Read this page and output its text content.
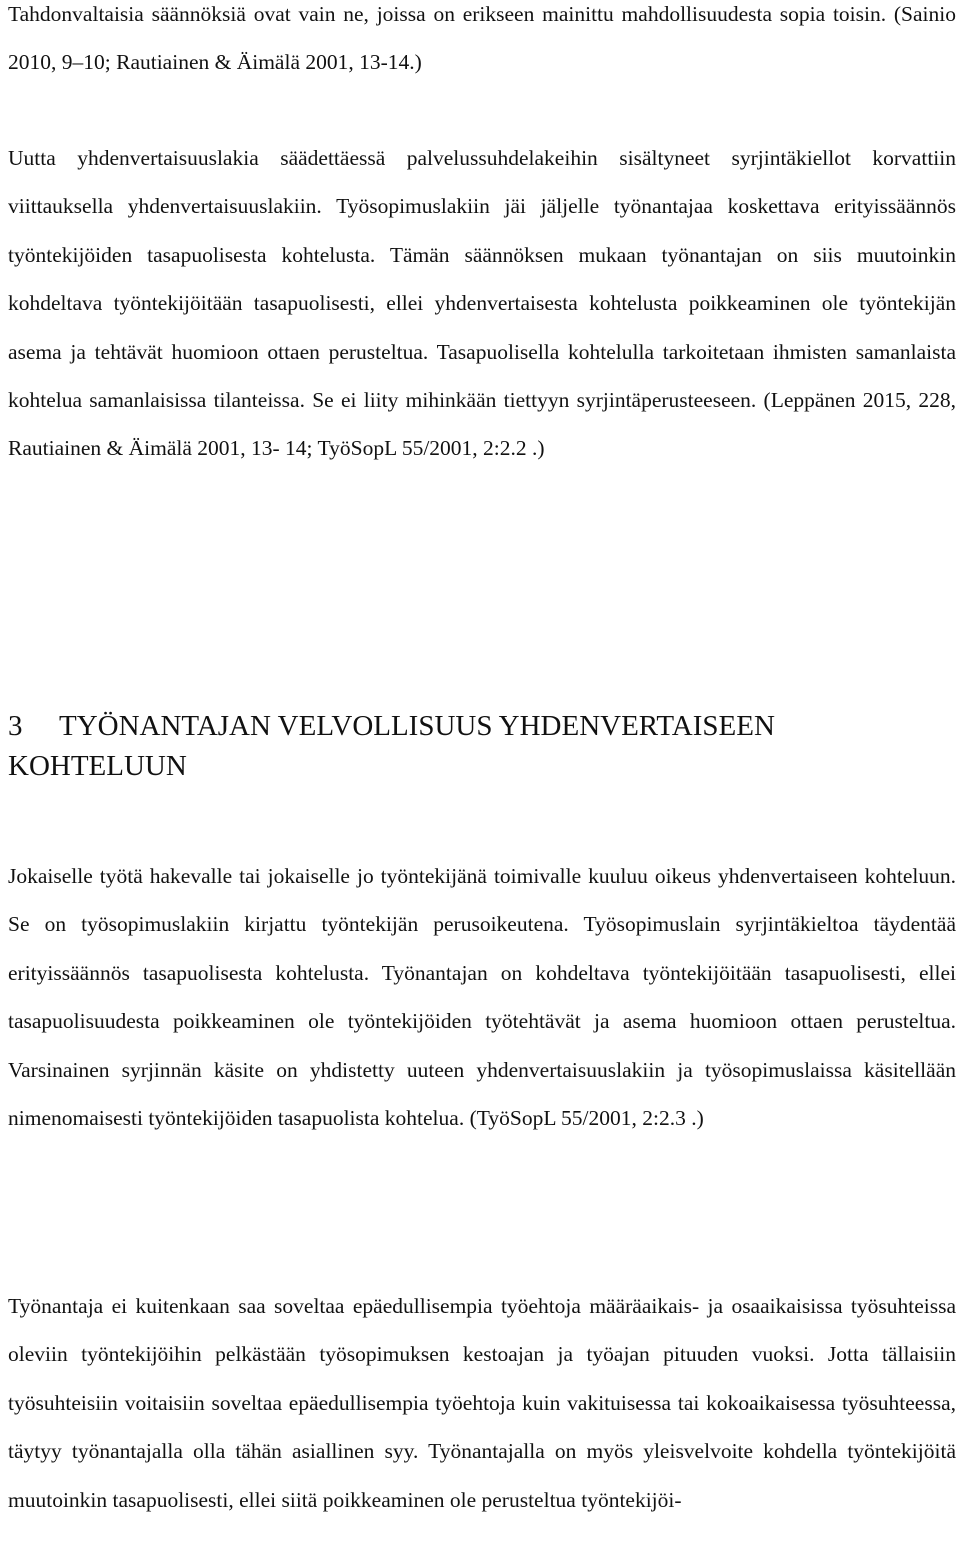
Tahdonvaltaisia säännöksiä ovat vain ne, joissa on erikseen mainittu mahdollisuudesta sopia toisin. (Sainio 2010, 9–10; Rautiainen & Äimälä 2001, 13-14.)

Uutta yhdenvertaisuuslakia säädettäessä palvelussuhdelakeihin sisältyneet syrjintäkiellot korvattiin viittauksella yhdenvertaisuuslakiin. Työsopimuslakiin jäi jäljelle työnantajaa koskettava erityissäännös työntekijöiden tasapuolisesta kohtelusta. Tämän säännöksen mukaan työnantajan on siis muutoinkin kohdeltava työntekijöitään tasapuolisesti, ellei yhdenvertaisesta kohtelusta poikkeaminen ole työntekijän asema ja tehtävät huomioon ottaen perusteltua. Tasapuolisella kohtelulla tarkoitetaan ihmisten samanlaista kohtelua samanlaisissa tilanteissa. Se ei liity mihinkään tiettyyn syrjintäperusteeseen. (Leppänen 2015, 228, Rautiainen & Äimälä 2001, 13- 14; TyöSopL 55/2001, 2:2.2 .)

3 TYÖNANTAJAN VELVOLLISUUS YHDENVERTAISEEN KOHTELUUN

Jokaiselle työtä hakevalle tai jokaiselle jo työntekijänä toimivalle kuuluu oikeus yhdenvertaiseen kohteluun. Se on työsopimuslakiin kirjattu työntekijän perusoikeutena. Työsopimuslain syrjintäkieltoa täydentää erityissäännös tasapuolisesta kohtelusta. Työnantajan on kohdeltava työntekijöitään tasapuolisesti, ellei tasapuolisuudesta poikkeaminen ole työntekijöiden työtehtävät ja asema huomioon ottaen perusteltua. Varsinainen syrjinnän käsite on yhdistetty uuteen yhdenvertaisuuslakiin ja työsopimuslaissa käsitellään nimenomaisesti työntekijöiden tasapuolista kohtelua. (TyöSopL 55/2001, 2:2.3 .)

Työnantaja ei kuitenkaan saa soveltaa epäedullisempia työehtoja määräaikais- ja osaaikaisissa työsuhteissa oleviin työntekijöihin pelkästään työsopimuksen kestoajan ja työajan pituuden vuoksi. Jotta tällaisiin työsuhteisiin voitaisiin soveltaa epäedullisempia työehtoja kuin vakituisessa tai kokoaikaisessa työsuhteessa, täytyy työnantajalla olla tähän asiallinen syy. Työnantajalla on myös yleisvelvoite kohdella työntekijöitä muutoinkin tasapuolisesti, ellei siitä poikkeaminen ole perusteltua työntekijöi-
